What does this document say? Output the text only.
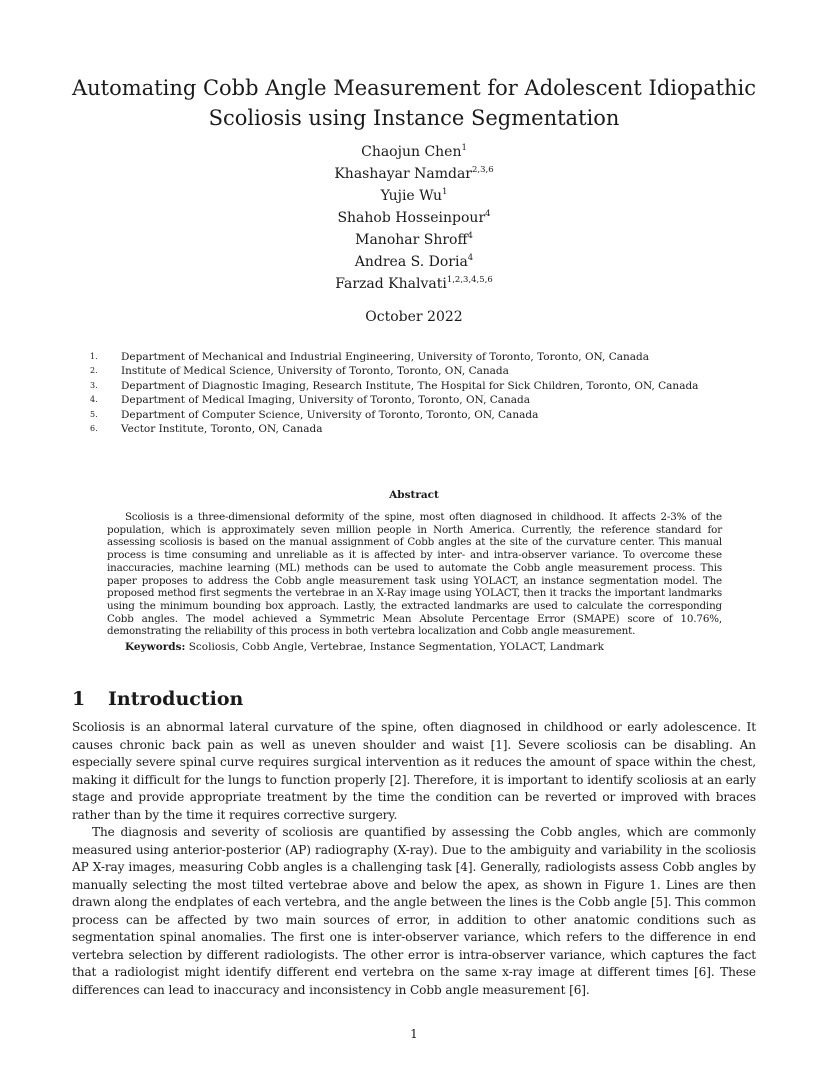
Automating Cobb Angle Measurement for Adolescent Idiopathic Scoliosis using Instance Segmentation
Chaojun Chen$^1$
Khashayar Namdar$^{2,3,6}$
Yujie Wu$^1$
Shahob Hosseinpour$^4$
Manohar Shroff$^4$
Andrea S. Doria$^4$
Farzad Khalvati$^{1,2,3,4,5,6}$
October 2022
1. Department of Mechanical and Industrial Engineering, University of Toronto, Toronto, ON, Canada
2. Institute of Medical Science, University of Toronto, Toronto, ON, Canada
3. Department of Diagnostic Imaging, Research Institute, The Hospital for Sick Children, Toronto, ON, Canada
4. Department of Medical Imaging, University of Toronto, Toronto, ON, Canada
5. Department of Computer Science, University of Toronto, Toronto, ON, Canada
6. Vector Institute, Toronto, ON, Canada
Abstract
Scoliosis is a three-dimensional deformity of the spine, most often diagnosed in childhood. It affects 2-3% of the population, which is approximately seven million people in North America. Currently, the reference standard for assessing scoliosis is based on the manual assignment of Cobb angles at the site of the curvature center. This manual process is time consuming and unreliable as it is affected by inter- and intra-observer variance. To overcome these inaccuracies, machine learning (ML) methods can be used to automate the Cobb angle measurement process. This paper proposes to address the Cobb angle measurement task using YOLACT, an instance segmentation model. The proposed method first segments the vertebrae in an X-Ray image using YOLACT, then it tracks the important landmarks using the minimum bounding box approach. Lastly, the extracted landmarks are used to calculate the corresponding Cobb angles. The model achieved a Symmetric Mean Absolute Percentage Error (SMAPE) score of 10.76%, demonstrating the reliability of this process in both vertebra localization and Cobb angle measurement.
Keywords: Scoliosis, Cobb Angle, Vertebrae, Instance Segmentation, YOLACT, Landmark
1 Introduction

Scoliosis is an abnormal lateral curvature of the spine, often diagnosed in childhood or early adolescence. It causes chronic back pain as well as uneven shoulder and waist [1]. Severe scoliosis can be disabling. An especially severe spinal curve requires surgical intervention as it reduces the amount of space within the chest, making it difficult for the lungs to function properly [2]. Therefore, it is important to identify scoliosis at an early stage and provide appropriate treatment by the time the condition can be reverted or improved with braces rather than by the time it requires corrective surgery.

The diagnosis and severity of scoliosis are quantified by assessing the Cobb angles, which are commonly measured using anterior-posterior (AP) radiography (X-ray). Due to the ambiguity and variability in the scoliosis AP X-ray images, measuring Cobb angles is a challenging task [4]. Generally, radiologists assess Cobb angles by manually selecting the most tilted vertebrae above and below the apex, as shown in Figure 1. Lines are then drawn along the endplates of each vertebra, and the angle between the lines is the Cobb angle [5]. This common process can be affected by two main sources of error, in addition to other anatomic conditions such as segmentation spinal anomalies. The first one is inter-observer variance, which refers to the difference in end vertebra selection by different radiologists. The other error is intra-observer variance, which captures the fact that a radiologist might identify different end vertebra on the same x-ray image at different times [6]. These differences can lead to inaccuracy and inconsistency in Cobb angle measurement [6].

1
